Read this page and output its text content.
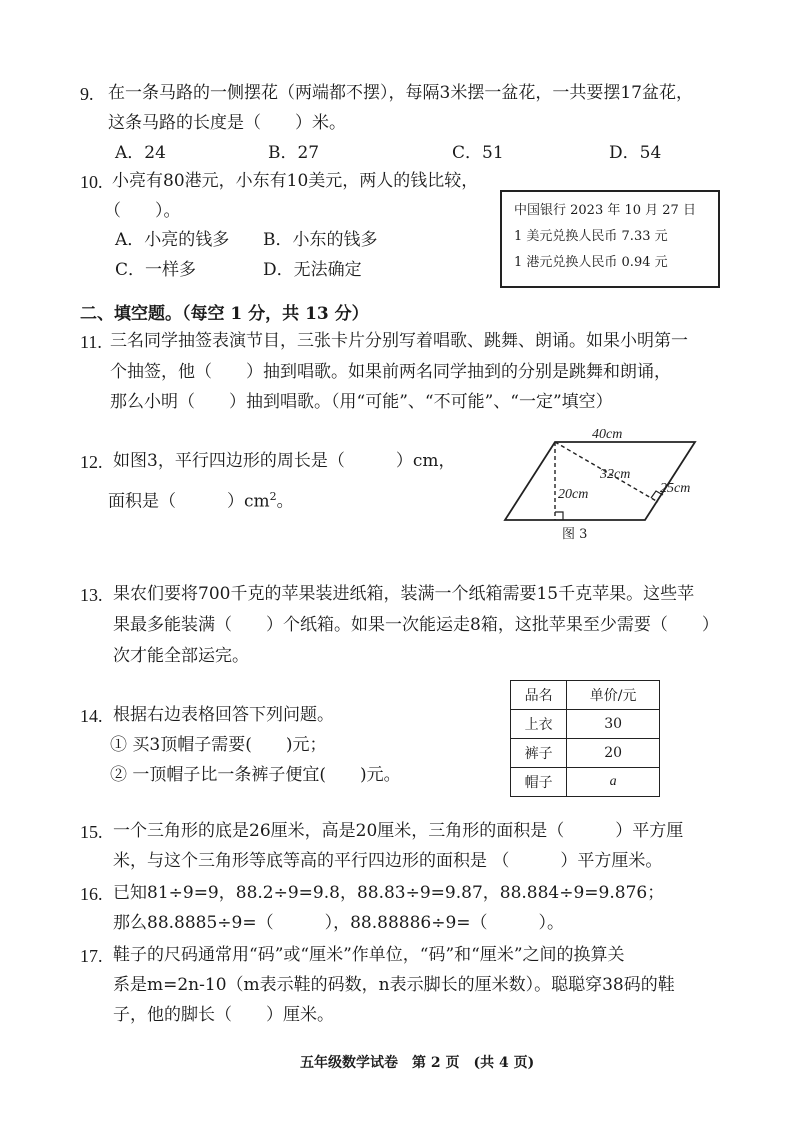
9. 在一条马路的一侧摆花（两端都不摆），每隔3米摆一盆花，一共要摆17盆花，
这条马路的长度是（　　）米。
A．24	B．27	C．51	D．54
10. 小亮有80港元，小东有10美元，两人的钱比较，
（　　）。
A．小亮的钱多 B．小东的钱多
C．一样多	D．无法确定
中国银行 2023 年 10 月 27 日
1 美元兑换人民币 7.33 元
1 港元兑换人民币 0.94 元
二、填空题。（每空 1 分，共 13 分）
11. 三名同学抽签表演节目，三张卡片分别写着唱歌、跳舞、朗诵。如果小明第一
个抽签，他（　　）抽到唱歌。如果前两名同学抽到的分别是跳舞和朗诵，
那么小明（　　）抽到唱歌。（用“可能”、“不可能”、“一定”填空）
12. 如图3，平行四边形的周长是（　　　）cm，
面积是（　　　）$cm^2$。
40cm
32cm
20cm	25cm
图 3
13. 果农们要将700千克的苹果装进纸箱，装满一个纸箱需要15千克苹果。这些苹
果最多能装满（　　）个纸箱。如果一次能运走8箱，这批苹果至少需要（　　）
次才能全部运完。
14. 根据右边表格回答下列问题。
① 买3顶帽子需要(　　)元；
② 一顶帽子比一条裤子便宜(　　)元。
品名	单价/元
上衣	30
裤子	20
帽子	a
15. 一个三角形的底是26厘米，高是20厘米，三角形的面积是（　　　）平方厘
米，与这个三角形等底等高的平行四边形的面积是 （　　　）平方厘米。
16. 已知81÷9=9，88.2÷9=9.8，88.83÷9=9.87，88.884÷9=9.876；
那么88.8885÷9=（　　　），88.88886÷9=（　　　）。
17. 鞋子的尺码通常用“码”或“厘米”作单位，“码”和“厘米”之间的换算关
系是m=2n-10（m表示鞋的码数，n表示脚长的厘米数）。聪聪穿38码的鞋
子，他的脚长（　　）厘米。
五年级数学试卷　第 2 页　(共 4 页)
